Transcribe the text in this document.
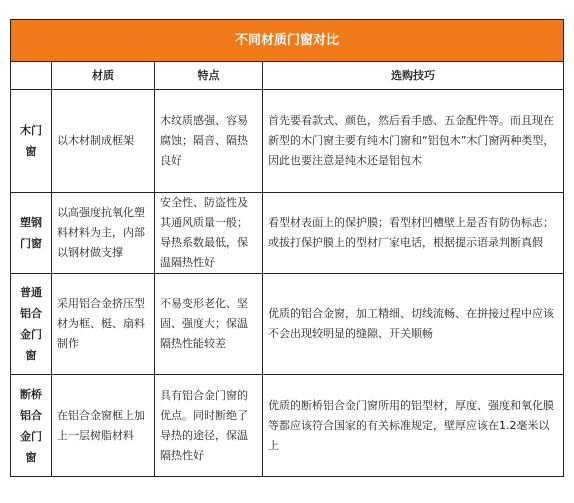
不同材质门窗对比			
	材质	特点	选购技巧

木门
窗	以木材制成框架	木纹质感强、容易腐蚀；隔音、隔热良好	首先要看款式、颜色，然后看手感、五金配件等。而且现在新型的木门窗主要有纯木门窗和“铝包木”木门窗两种类型，因此也要注意是纯木还是铝包木

塑钢
门窗	以高强度抗氧化塑料材料为主，内部以钢材做支撑	安全性、防盗性及其通风质量一般；导热系数最低，保温隔热性好	看型材表面上的保护膜；看型材凹槽壁上是否有防伪标志；或拔打保护膜上的型材厂家电话，根据提示语录判断真假

普通
铝合
金门
窗	采用铝合金挤压型材为框、梃、扇料制作	不易变形老化、坚固、强度大；保温隔热性能较差	优质的铝合金窗，加工精细、切线流畅、在拼接过程中应该不会出现较明显的缝隙、开关顺畅

断桥
铝合
金门
窗	在铝合金窗框上加上一层树脂材料	具有铝合金门窗的优点。同时断绝了导热的途径，保温隔热性好	优质的断桥铝合金门窗所用的铝型材，厚度、强度和氧化膜等都应该符合国家的有关标准规定，壁厚应该在1.2毫米以上
